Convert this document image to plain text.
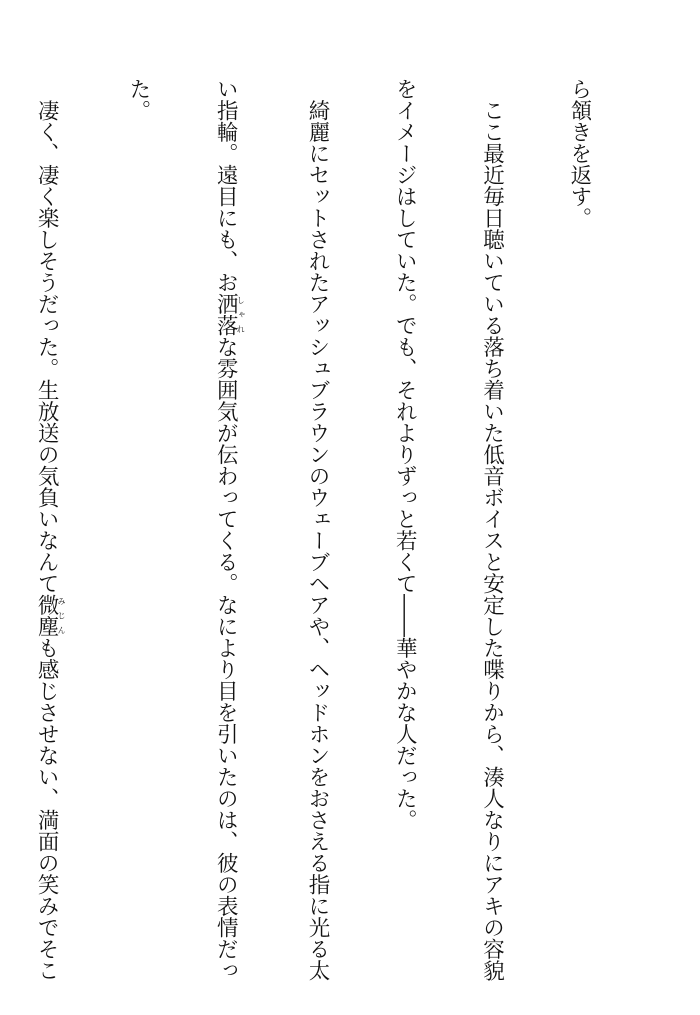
ら頷きを返す。

　ここ最近毎日聴いている落ち着いた低音ボイスと安定した喋りから、湊人なりにアキの容貌

をイメージはしていた。でも、それよりずっと若くて――華やかな人だった。

　綺麗にセットされたアッシュブラウンのウェーブヘアや、ヘッドホンをおさえる指に光る太

い指輪。遠目にも、お洒落しゃれな雰囲気が伝わってくる。なにより目を引いたのは、彼の表情だっ

た。

　凄く、凄く楽しそうだった。生放送の気負いなんて微塵みじんも感じさせない、満面の笑みでそこ
